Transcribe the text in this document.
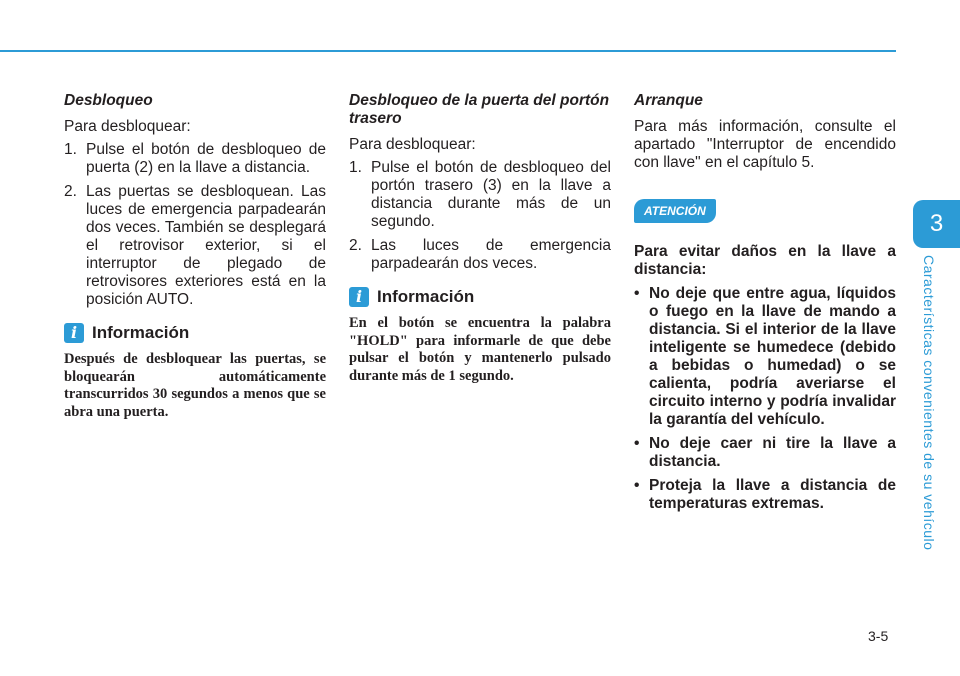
Desbloqueo

Para desbloquear:

1. Pulse el botón de desbloqueo de puerta (2) en la llave a distancia.
2. Las puertas se desbloquean. Las luces de emergencia parpadearán dos veces. También se desplegará el retrovisor exterior, si el interruptor de plegado de retrovisores exteriores está en la posición AUTO.
i Información

Después de desbloquear las puertas, se bloquearán automáticamente transcurridos 30 segundos a menos que se abra una puerta.

Desbloqueo de la puerta del portón trasero

Para desbloquear:

1. Pulse el botón de desbloqueo del portón trasero (3) en la llave a distancia durante más de un segundo.
2. Las luces de emergencia parpadearán dos veces.
i Información

En el botón se encuentra la palabra "HOLD" para informarle de que debe pulsar el botón y mantenerlo pulsado durante más de 1 segundo.

Arranque

Para más información, consulte el apartado "Interruptor de encendido con llave" en el capítulo 5.

ATENCIÓN

Para evitar daños en la llave a distancia:

• No deje que entre agua, líquidos o fuego en la llave de mando a distancia. Si el interior de la llave inteligente se humedece (debido a bebidas o humedad) o se calienta, podría averiarse el circuito interno y podría invalidar la garantía del vehículo.
• No deje caer ni tire la llave a distancia.
• Proteja la llave a distancia de temperaturas extremas.
3
Características convenientes de su vehículo
3-5
